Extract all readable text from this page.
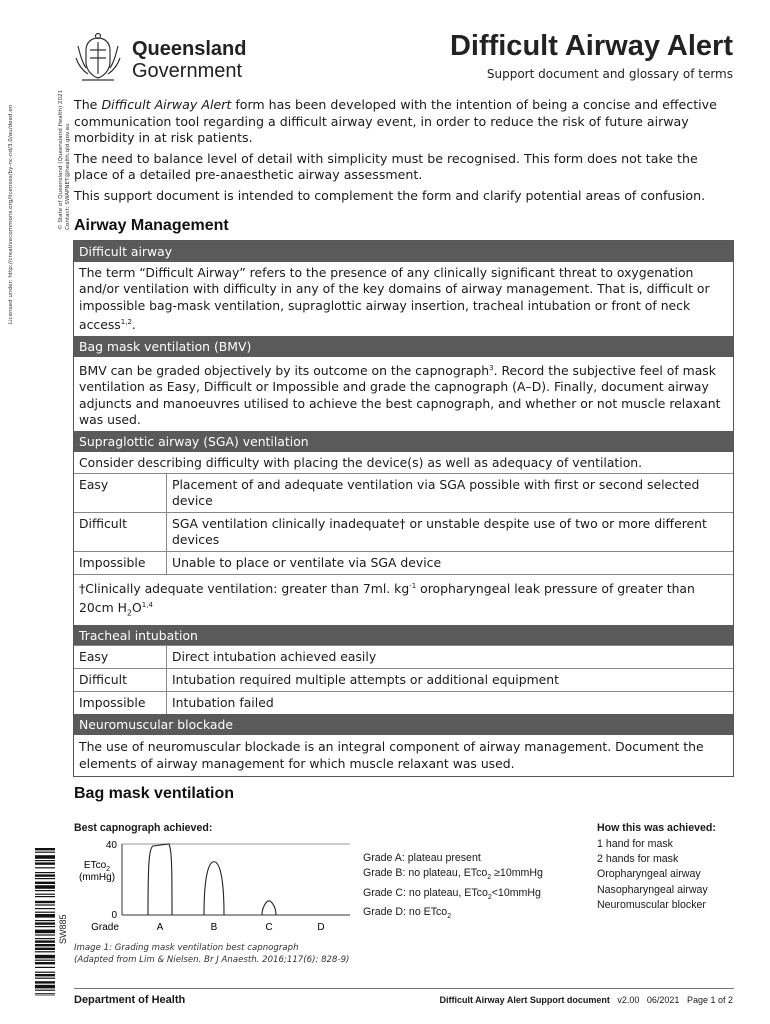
Queensland
Government
Difficult Airway Alert
Support document and glossary of terms
Licensed under: http://creativecommons.org/licenses/by-nc-nd/3.0/au/deed.en	© State of Queensland (Queensland Health) 2021 Contact: SWAPNET@health.qld.gov.au

The Difficult Airway Alert form has been developed with the intention of being a concise and effective communication tool regarding a difficult airway event, in order to reduce the risk of future airway morbidity in at risk patients.

The need to balance level of detail with simplicity must be recognised. This form does not take the place of a detailed pre-anaesthetic airway assessment.

This support document is intended to complement the form and clarify potential areas of confusion.

Airway Management
Difficult airway
The term “Difficult Airway” refers to the presence of any clinically significant threat to oxygenation and/or ventilation with difficulty in any of the key domains of airway management. That is, difficult or impossible bag-mask ventilation, supraglottic airway insertion, tracheal intubation or front of neck access$^{1,2}$.
Bag mask ventilation (BMV)
BMV can be graded objectively by its outcome on the capnograph$^3$. Record the subjective feel of mask ventilation as Easy, Difficult or Impossible and grade the capnograph (A–D). Finally, document airway adjuncts and manoeuvres utilised to achieve the best capnograph, and whether or not muscle relaxant was used.
Supraglottic airway (SGA) ventilation
Consider describing difficulty with placing the device(s) as well as adequacy of ventilation.
Easy	Placement of and adequate ventilation via SGA possible with first or second selected device
Difficult	SGA ventilation clinically inadequate† or unstable despite use of two or more different devices
Impossible	Unable to place or ventilate via SGA device
†Clinically adequate ventilation: greater than 7ml. $kg^{-1}$ oropharyngeal leak pressure of greater than 20cm $H_2O^{1,4}$
Tracheal intubation
Easy	Direct intubation achieved easily
Difficult	Intubation required multiple attempts or additional equipment
Impossible	Intubation failed
Neuromuscular blockade
The use of neuromuscular blockade is an integral component of airway management. Document the elements of airway management for which muscle relaxant was used.
Bag mask ventilation
Best capnograph achieved:
40
0
ETco$_2$
(mmHg)
Grade	A	B	C	D
Grade A: plateau present
Grade B: no plateau, ETco$_2$ ≥10mmHg
Grade C: no plateau, ETco$_2$<10mmHg
Grade D: no ETco$_2$
How this was achieved:
1 hand for mask
2 hands for mask
Oropharyngeal airway
Nasopharyngeal airway
Neuromuscular blocker
Image 1: Grading mask ventilation best capnograph
(Adapted from Lim & Nielsen. Br J Anaesth. 2016;117(6): 828-9)
SW885
Department of Health	Difficult Airway Alert Support document v2.00 06/2021 Page 1 of 2
